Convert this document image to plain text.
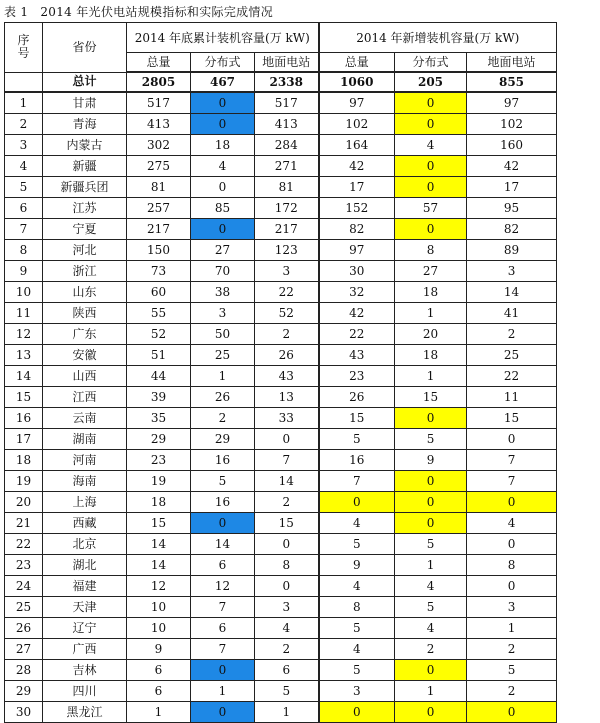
表 1 2014 年光伏电站规模指标和实际完成情况
序
号	省份	2014 年底累计装机容量(万 kW)			2014 年新增装机容量(万 kW)		
		总量	分布式	地面电站	总量	分布式	地面电站
	总计	2805	467	2338	1060	205	855
1	甘肃	517	0	517	97	0	97
2	青海	413	0	413	102	0	102
3	内蒙古	302	18	284	164	4	160
4	新疆	275	4	271	42	0	42
5	新疆兵团	81	0	81	17	0	17
6	江苏	257	85	172	152	57	95
7	宁夏	217	0	217	82	0	82
8	河北	150	27	123	97	8	89
9	浙江	73	70	3	30	27	3
10	山东	60	38	22	32	18	14
11	陕西	55	3	52	42	1	41
12	广东	52	50	2	22	20	2
13	安徽	51	25	26	43	18	25
14	山西	44	1	43	23	1	22
15	江西	39	26	13	26	15	11
16	云南	35	2	33	15	0	15
17	湖南	29	29	0	5	5	0
18	河南	23	16	7	16	9	7
19	海南	19	5	14	7	0	7
20	上海	18	16	2	0	0	0
21	西藏	15	0	15	4	0	4
22	北京	14	14	0	5	5	0
23	湖北	14	6	8	9	1	8
24	福建	12	12	0	4	4	0
25	天津	10	7	3	8	5	3
26	辽宁	10	6	4	5	4	1
27	广西	9	7	2	4	2	2
28	吉林	6	0	6	5	0	5
29	四川	6	1	5	3	1	2
30	黑龙江	1	0	1	0	0	0
